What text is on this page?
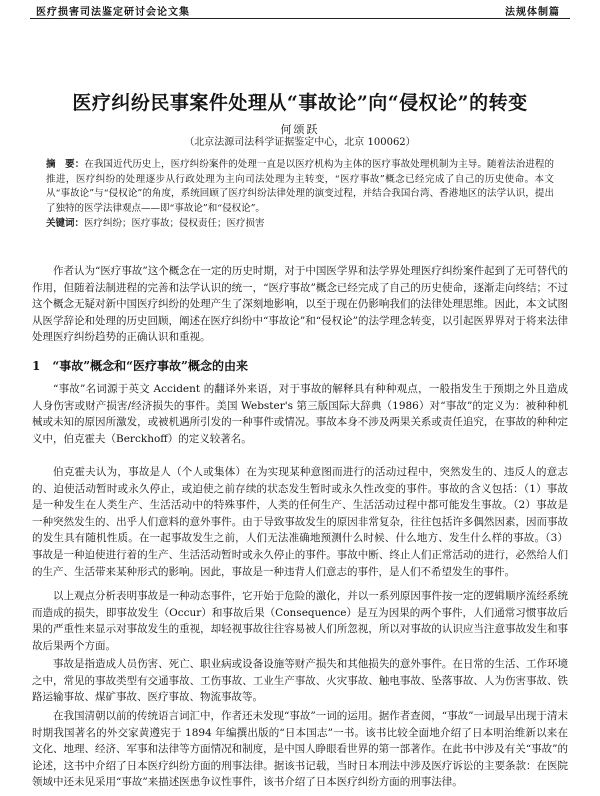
医疗损害司法鉴定研讨会论文集	法规体制篇
医疗纠纷民事案件处理从“事故论”向“侵权论”的转变
何颂跃
（北京法源司法科学证据鉴定中心，北京 100062）
摘　要：在我国近代历史上，医疗纠纷案件的处理一直是以医疗机构为主体的医疗事故处理机制为主导。随着法治进程的推进，医疗纠纷的处理逐步从行政处理为主向司法处理为主转变，“医疗事故”概念已经完成了自己的历史使命。本文从“事故论”与“侵权论”的角度，系统回顾了医疗纠纷法律处理的演变过程，并结合我国台湾、香港地区的法学认识，提出了独特的医学法律观点——即“事故论”和“侵权论”。
关键词：医疗纠纷；医疗事故；侵权责任；医疗损害

作者认为“医疗事故”这个概念在一定的历史时期，对于中国医学界和法学界处理医疗纠纷案件起到了无可替代的作用，但随着法制进程的完善和法学认识的统一，“医疗事故”概念已经完成了自己的历史使命，逐渐走向终结；不过这个概念无疑对新中国医疗纠纷的处理产生了深刻地影响，以至于现在仍影响我们的法律处理思维。因此，本文试图从医学辞论和处理的历史回顾，阐述在医疗纠纷中“事故论”和“侵权论”的法学理念转变，以引起医界界对于将来法律处理医疗纠纷趋势的正确认识和重视。

1　“事故”概念和“医疗事故”概念的由来

“事故”名词源于英文 Accident 的翻译外来语，对于事故的解释具有种种观点，一般指发生于预期之外且造成人身伤害或财产损害/经济损失的事件。美国 Webster's 第三版国际大辞典（1986）对“事故”的定义为：被种种机械或未知的原因所激发，或被机遇所引发的一种事件或情况。事故本身不涉及两果关系或责任追究，在事故的种种定义中，伯克霍夫（Berckhoff）的定义较著名。

伯克霍夫认为，事故是人（个人或集体）在为实现某种意图而进行的活动过程中，突然发生的、违反人的意志的、迫使活动暂时或永久停止，或迫使之前存续的状态发生暂时或永久性改变的事件。事故的含义包括：（1）事故是一种发生在人类生产、生活活动中的特殊事件，人类的任何生产、生活活动过程中都可能发生事故。（2）事故是一种突然发生的、出乎人们意料的意外事件。由于导致事故发生的原因非常复杂，往往包括许多偶然因素，因而事故的发生具有随机性质。在一起事故发生之前，人们无法准确地预测什么时候、什么地方、发生什么样的事故。（3）事故是一种迫使进行着的生产、生活活动暂时或永久停止的事件。事故中断、终止人们正常活动的进行，必然给人们的生产、生活带来某种形式的影响。因此，事故是一种违背人们意志的事件，是人们不希望发生的事件。

以上观点分析表明事故是一种动态事件，它开始于危险的激化，并以一系列原因事件按一定的逻辑顺序流经系统而造成的损失，即事故发生（Occur）和事故后果（Consequence）是互为因果的两个事件，人们通常习惯事故后果的严重性来显示对事故发生的重视，却轻视事故往往容易被人们所忽视，所以对事故的认识应当注意事故发生和事故后果两个方面。

事故是指造成人员伤害、死亡、职业病或设备设施等财产损失和其他损失的意外事件。在日常的生活、工作环境之中，常见的事故类型有交通事故、工伤事故、工业生产事故、火灾事故、触电事故、坠落事故、人为伤害事故、铁路运输事故、煤矿事故、医疗事故、物流事故等。

在我国清朝以前的传统语言词汇中，作者还未发现“事故”一词的运用。据作者查阅，“事故”一词最早出现于清末时期我国著名的外交家黄遵宪于 1894 年编撰出版的“日本国志”一书。该书比较全面地介绍了日本明治维新以来在文化、地理、经济、军事和法律等方面情况和制度，是中国人睁眼看世界的第一部著作。在此书中涉及有关“事故”的论述，这书中介绍了日本医疗纠纷方面的刑事法律。据该书记载，当时日本刑法中涉及医疗诉讼的主要条款：在医院领域中还未见采用“事故”来描述医患争议性事件，该书介绍了日本医疗纠纷方面的刑事法律。
